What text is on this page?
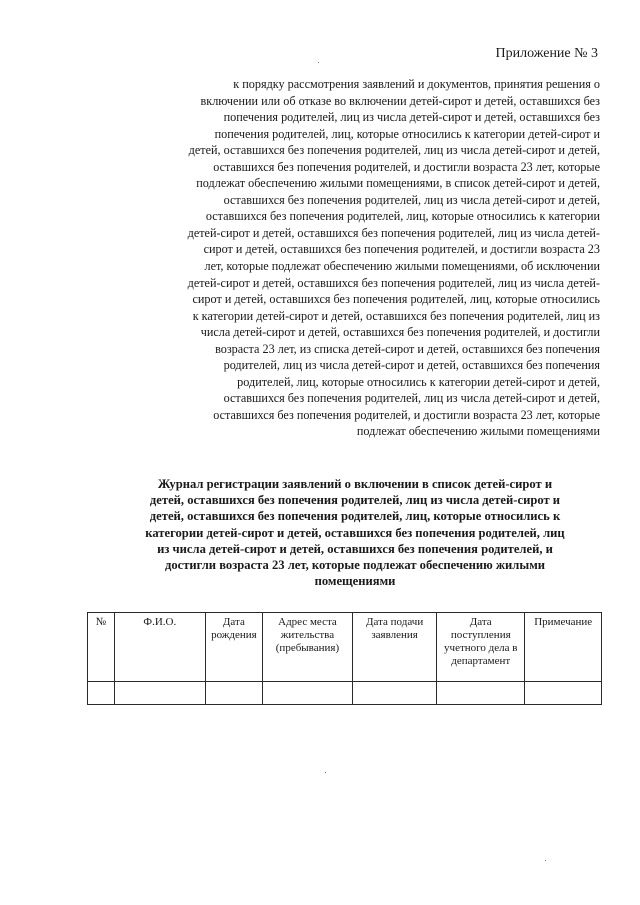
Приложение № 3
к порядку рассмотрения заявлений и документов, принятия решения о
включении или об отказе во включении детей-сирот и детей, оставшихся без
попечения родителей, лиц из числа детей-сирот и детей, оставшихся без
попечения родителей, лиц, которые относились к категории детей-сирот и
детей, оставшихся без попечения родителей, лиц из числа детей-сирот и детей,
оставшихся без попечения родителей, и достигли возраста 23 лет, которые
подлежат обеспечению жилыми помещениями, в список детей-сирот и детей,
оставшихся без попечения родителей, лиц из числа детей-сирот и детей,
оставшихся без попечения родителей, лиц, которые относились к категории
детей-сирот и детей, оставшихся без попечения родителей, лиц из числа детей-
сирот и детей, оставшихся без попечения родителей, и достигли возраста 23
лет, которые подлежат обеспечению жилыми помещениями, об исключении
детей-сирот и детей, оставшихся без попечения родителей, лиц из числа детей-
сирот и детей, оставшихся без попечения родителей, лиц, которые относились
к категории детей-сирот и детей, оставшихся без попечения родителей, лиц из
числа детей-сирот и детей, оставшихся без попечения родителей, и достигли
возраста 23 лет, из списка детей-сирот и детей, оставшихся без попечения
родителей, лиц из числа детей-сирот и детей, оставшихся без попечения
родителей, лиц, которые относились к категории детей-сирот и детей,
оставшихся без попечения родителей, лиц из числа детей-сирот и детей,
оставшихся без попечения родителей, и достигли возраста 23 лет, которые
подлежат обеспечению жилыми помещениями
Журнал регистрации заявлений о включении в список детей-сирот и
детей, оставшихся без попечения родителей, лиц из числа детей-сирот и
детей, оставшихся без попечения родителей, лиц, которые относились к
категории детей-сирот и детей, оставшихся без попечения родителей, лиц
из числа детей-сирот и детей, оставшихся без попечения родителей, и
достигли возраста 23 лет, которые подлежат обеспечению жилыми
помещениями
№	Ф.И.О.	Дата рождения	Адрес места жительства (пребывания)	Дата подачи заявления	Дата поступления учетного дела в департамент	Примечание
